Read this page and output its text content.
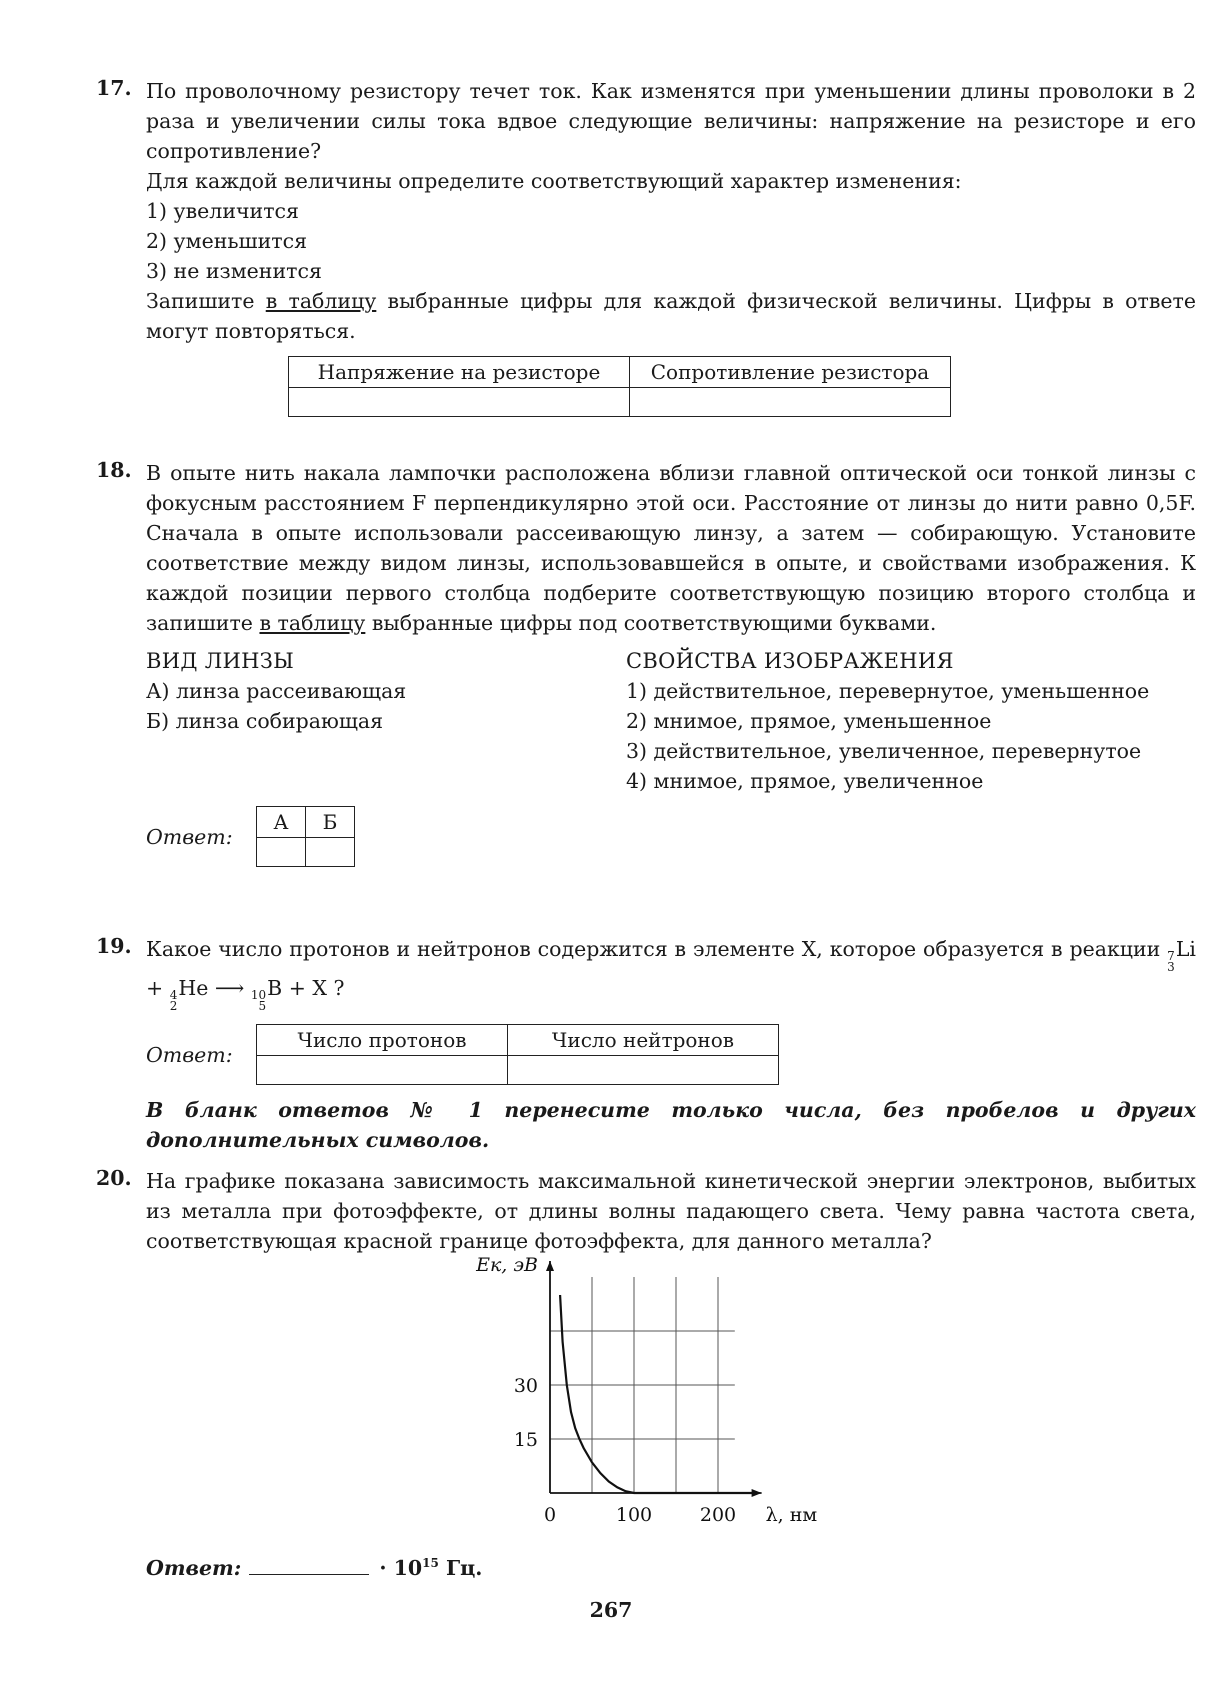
17. По проволочному резистору течет ток. Как изменятся при уменьшении длины проволоки в 2 раза и увеличении силы тока вдвое следующие величины: напряжение на резисторе и его сопротивление?

Для каждой величины определите соответствующий характер изменения:

1) увеличится

2) уменьшится

3) не изменится

Запишите в таблицу выбранные цифры для каждой физической величины. Цифры в ответе могут повторяться.

Напряжение на резисторе	Сопротивление резистора

18. В опыте нить накала лампочки расположена вблизи главной оптической оси тонкой линзы с фокусным расстоянием F перпендикулярно этой оси. Расстояние от линзы до нити равно 0,5F. Сначала в опыте использовали рассеивающую линзу, а затем — собирающую. Установите соответствие между видом линзы, использовавшейся в опыте, и свойствами изображения. К каждой позиции первого столбца подберите соответствующую позицию второго столбца и запишите в таблицу выбранные цифры под соответствующими буквами.

ВИД ЛИНЗЫ
А) линза рассеивающая
Б) линза собирающая
СВОЙСТВА ИЗОБРАЖЕНИЯ
1) действительное, перевернутое, уменьшенное
2) мнимое, прямое, уменьшенное
3) действительное, увеличенное, перевернутое
4) мнимое, прямое, увеличенное
Ответ:
А	Б

19. Какое число протонов и нейтронов содержится в элементе X, которое образуется в реакции 7
3
Li + 4
2
He ⟶ 10
5
B + X ?

Ответ:
Число протонов	Число нейтронов

В бланк ответов № 1 перенесите только числа, без пробелов и других дополнительных символов.

20. На графике показана зависимость максимальной кинетической энергии электронов, выбитых из металла при фотоэффекте, от длины волны падающего света. Чему равна частота света, соответствующая красной границе фотоэффекта, для данного металла?

0	100	200
15
30
λ, нм
Eк, эВ
Ответ:	· $10^{15}$ Гц.
267
